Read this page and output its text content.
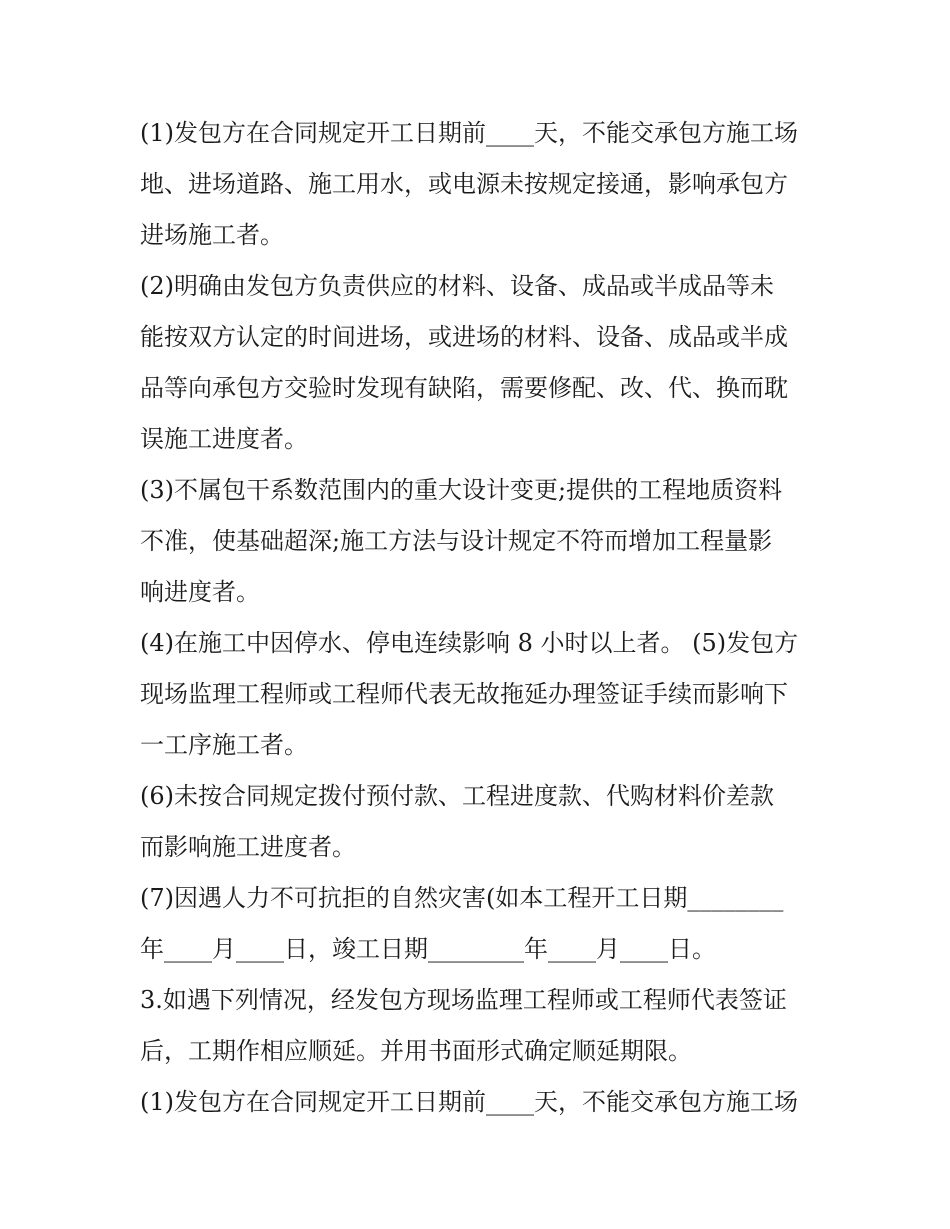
(1)发包方在合同规定开工日期前____天，不能交承包方施工场
地、进场道路、施工用水，或电源未按规定接通，影响承包方
进场施工者。
(2)明确由发包方负责供应的材料、设备、成品或半成品等未
能按双方认定的时间进场，或进场的材料、设备、成品或半成
品等向承包方交验时发现有缺陷，需要修配、改、代、换而耽
误施工进度者。
(3)不属包干系数范围内的重大设计变更;提供的工程地质资料
不准，使基础超深;施工方法与设计规定不符而增加工程量影
响进度者。
(4)在施工中因停水、停电连续影响 8 小时以上者。 (5)发包方
现场监理工程师或工程师代表无故拖延办理签证手续而影响下
一工序施工者。
(6)未按合同规定拨付预付款、工程进度款、代购材料价差款
而影响施工进度者。
(7)因遇人力不可抗拒的自然灾害(如本工程开工日期________
年____月____日，竣工日期________年____月____日。
3.如遇下列情况，经发包方现场监理工程师或工程师代表签证
后，工期作相应顺延。并用书面形式确定顺延期限。
(1)发包方在合同规定开工日期前____天，不能交承包方施工场
